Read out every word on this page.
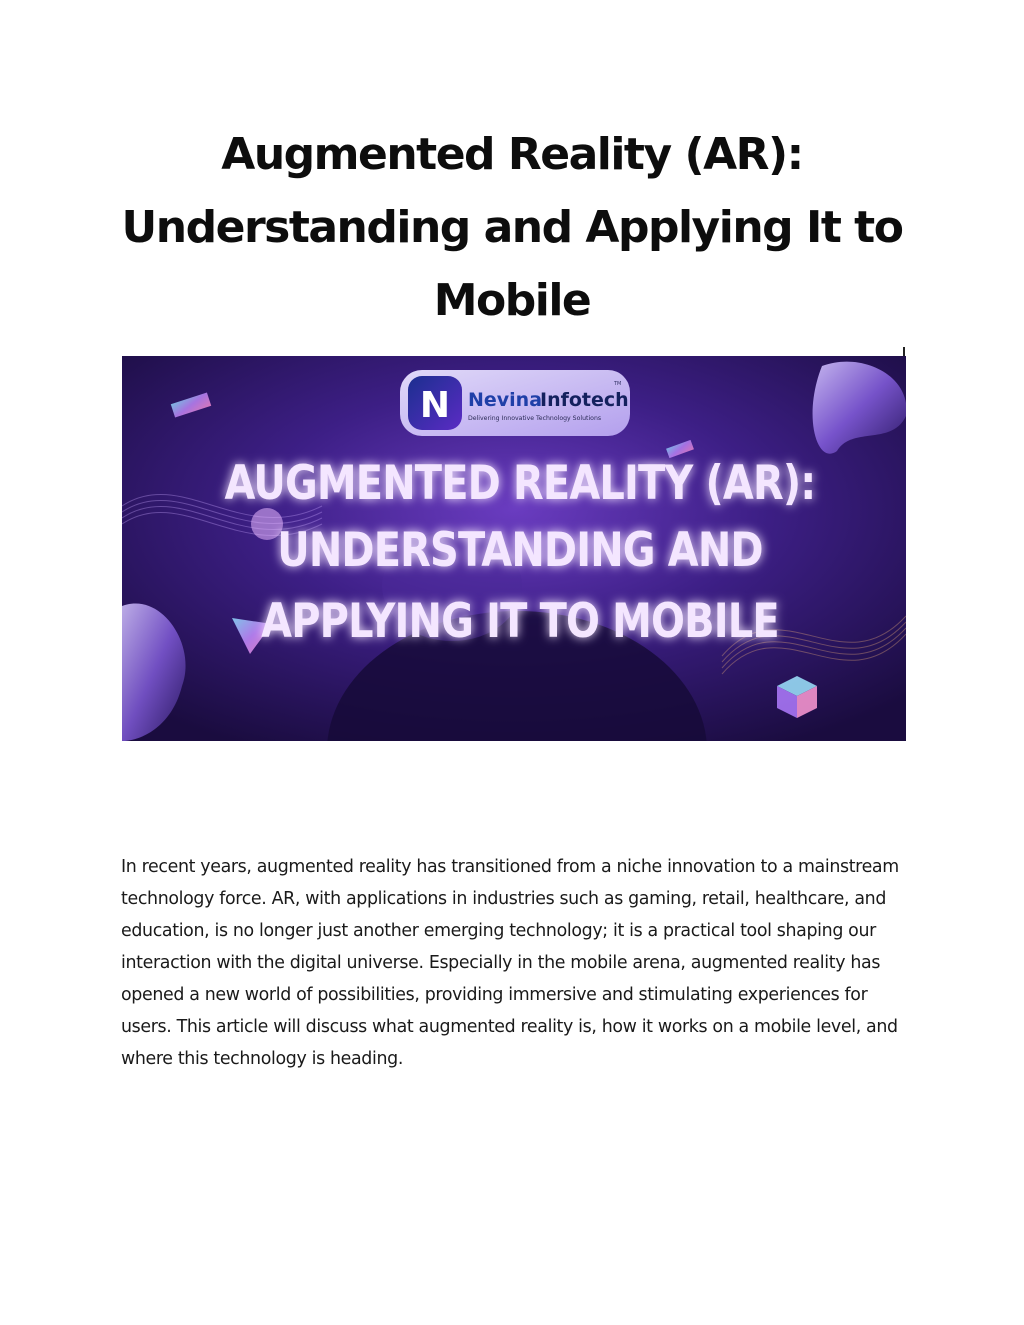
Augmented Reality (AR): Understanding and Applying It to Mobile
N Nevina
Infotech
Delivering Innovative Technology Solutions
TM
AUGMENTED REALITY (AR):
UNDERSTANDING AND
APPLYING IT TO MOBILE

In recent years, augmented reality has transitioned from a niche innovation to a mainstream technology force. AR, with applications in industries such as gaming, retail, healthcare, and education, is no longer just another emerging technology; it is a practical tool shaping our interaction with the digital universe. Especially in the mobile arena, augmented reality has opened a new world of possibilities, providing immersive and stimulating experiences for users. This article will discuss what augmented reality is, how it works on a mobile level, and where this technology is heading.
